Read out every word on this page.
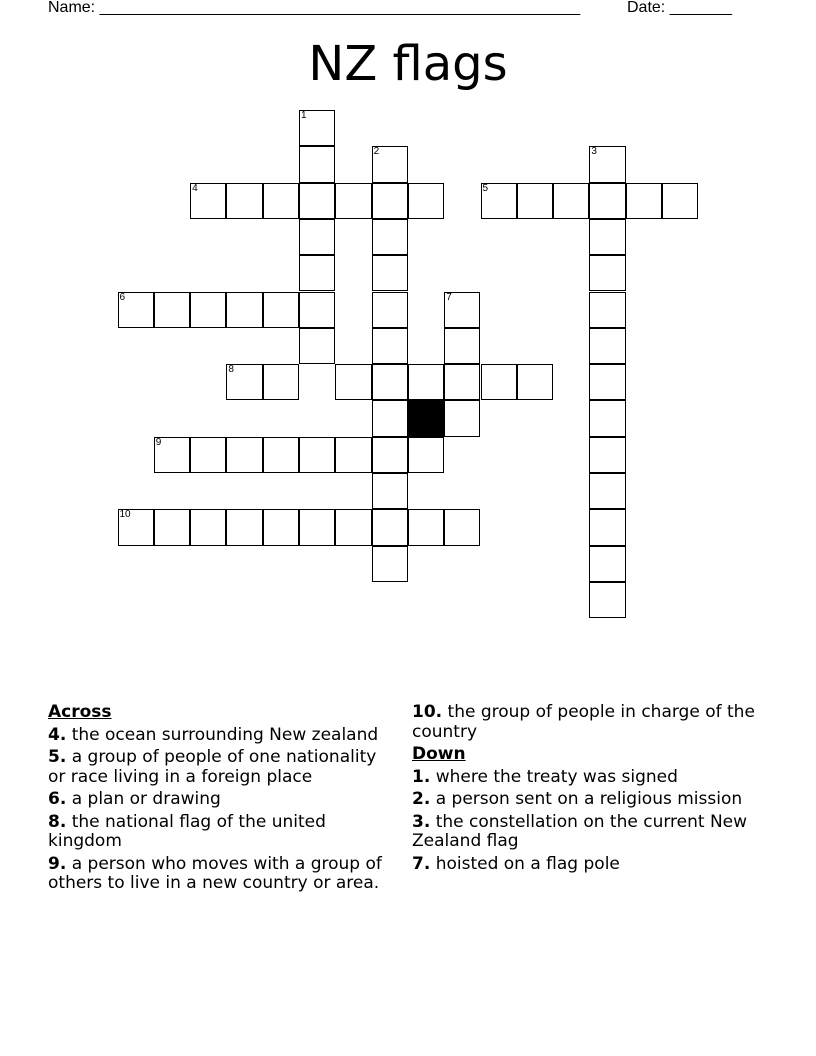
Name: ______________________________________________________	Date: _______
NZ flags
1
2	3
4	5
6	7
8
9
10
Across
4. the ocean surrounding New zealand
5. a group of people of one nationality or race living in a foreign place
6. a plan or drawing
8. the national flag of the united kingdom
9. a person who moves with a group of others to live in a new country or area.
10. the group of people in charge of the country
Down
1. where the treaty was signed
2. a person sent on a religious mission
3. the constellation on the current New Zealand flag
7. hoisted on a flag pole
